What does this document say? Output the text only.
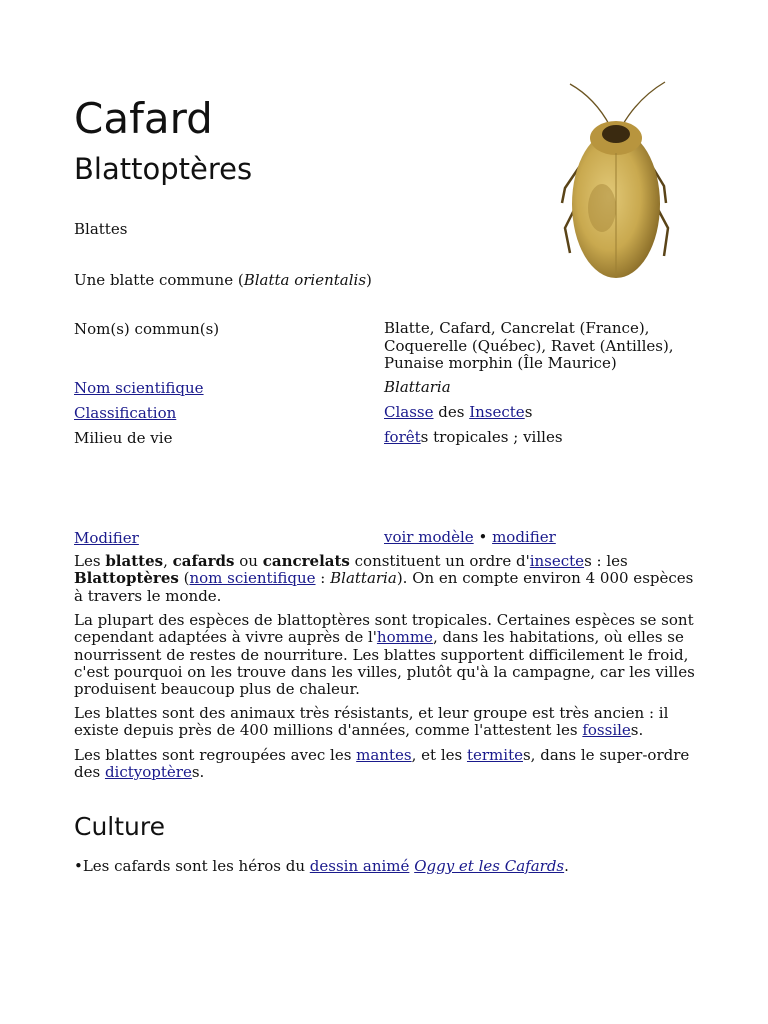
Cafard
Blattoptères
Blattes
Une blatte commune (Blatta orientalis)
Nom(s) commun(s)	Blatte, Cafard, Cancrelat (France), Coquerelle (Québec), Ravet (Antilles), Punaise morphin (Île Maurice)
Nom scientifique	Blattaria
Classification	Classe des Insectes
Milieu de vie	forêts tropicales ; villes
Modifier	voir modèle • modifier

Les blattes, cafards ou cancrelats constituent un ordre d'insectes : les Blattoptères (nom scientifique : Blattaria). On en compte environ 4 000 espèces à travers le monde.

La plupart des espèces de blattoptères sont tropicales. Certaines espèces se sont cependant adaptées à vivre auprès de l'homme, dans les habitations, où elles se nourrissent de restes de nourriture. Les blattes supportent difficilement le froid, c'est pourquoi on les trouve dans les villes, plutôt qu'à la campagne, car les villes produisent beaucoup plus de chaleur.

Les blattes sont des animaux très résistants, et leur groupe est très ancien : il existe depuis près de 400 millions d'années, comme l'attestent les fossiles.

Les blattes sont regroupées avec les mantes, et les termites, dans le super-ordre des dictyoptères.

Culture

•Les cafards sont les héros du dessin animé Oggy et les Cafards.
